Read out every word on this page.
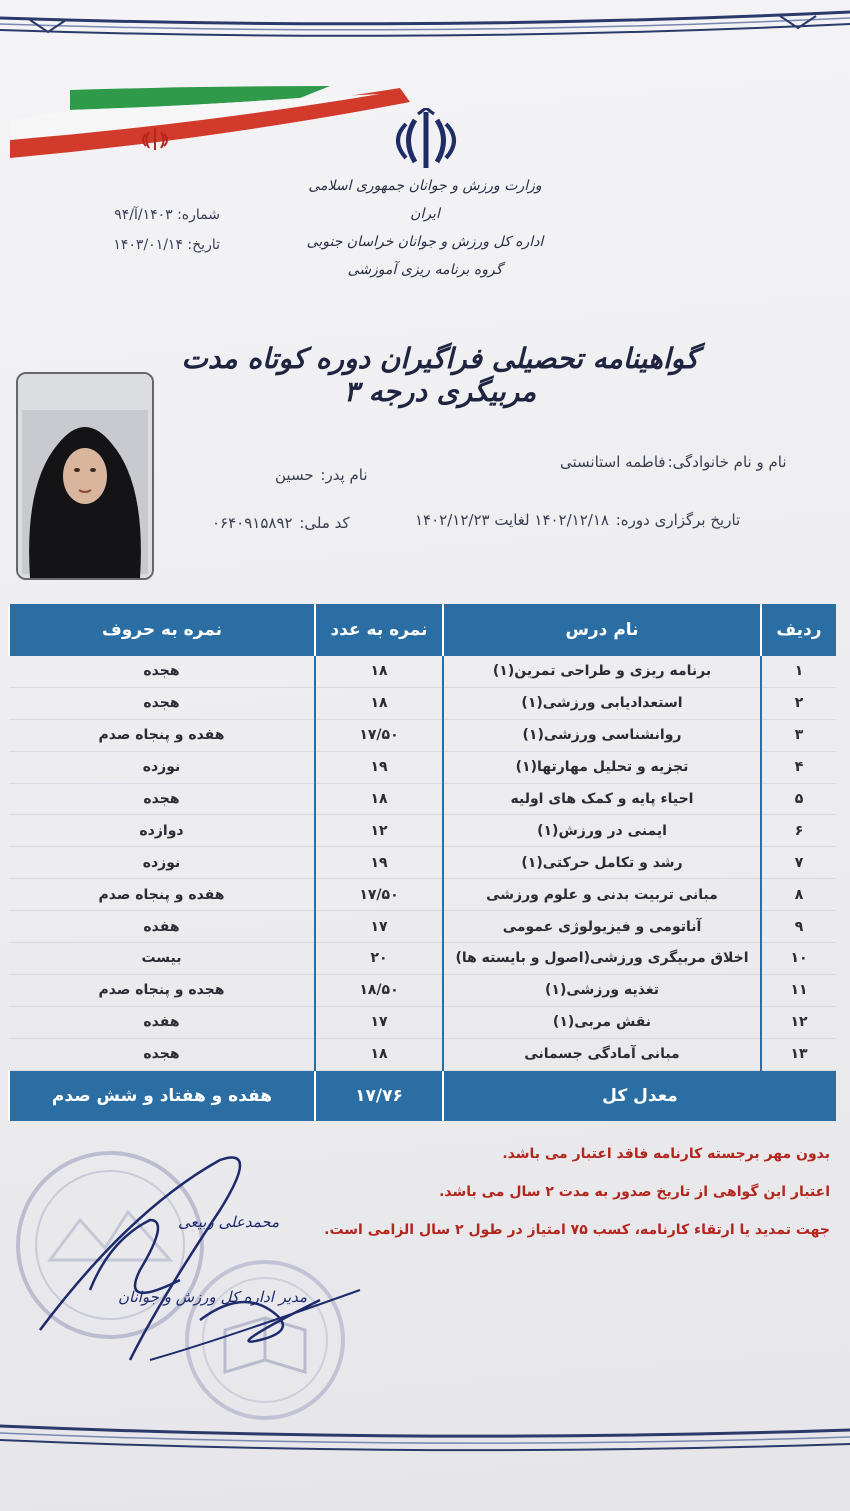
وزارت ورزش و جوانان جمهوری اسلامی ایران
اداره کل ورزش و جوانان خراسان جنوبی
گروه برنامه ریزی آموزشی
شماره: ۱۴۰۳/آ/۹۴
تاریخ: ۱۴۰۳/۰۱/۱۴
گواهینامه تحصیلی فراگیران دوره کوتاه مدت مربیگری درجه ۳
نام و نام خانوادگی:فاطمه استانستی
نام پدر: حسین
تاریخ برگزاری دوره: ۱۴۰۲/۱۲/۱۸ لغایت ۱۴۰۲/۱۲/۲۳
کد ملی: ۰۶۴۰۹۱۵۸۹۲
ردیف	نام درس	نمره به عدد	نمره به حروف
۱	برنامه ریزی و طراحی تمرین(۱)	۱۸	هجده
۲	استعدادیابی ورزشی(۱)	۱۸	هجده
۳	روانشناسی ورزشی(۱)	۱۷/۵۰	هفده و پنجاه صدم
۴	تجزیه و تحلیل مهارتها(۱)	۱۹	نوزده
۵	احیاء پایه و کمک های اولیه	۱۸	هجده
۶	ایمنی در ورزش(۱)	۱۲	دوازده
۷	رشد و تکامل حرکتی(۱)	۱۹	نوزده
۸	مبانی تربیت بدنی و علوم ورزشی	۱۷/۵۰	هفده و پنجاه صدم
۹	آناتومی و فیزیولوژی عمومی	۱۷	هفده
۱۰	اخلاق مربیگری ورزشی(اصول و بایسته ها)	۲۰	بیست
۱۱	تغذیه ورزشی(۱)	۱۸/۵۰	هجده و پنجاه صدم
۱۲	نقش مربی(۱)	۱۷	هفده
۱۳	مبانی آمادگی جسمانی	۱۸	هجده
معدل کل		۱۷/۷۶	هفده و هفتاد و شش صدم
بدون مهر برجسته کارنامه فاقد اعتبار می باشد.
اعتبار این گواهی از تاریخ صدور به مدت ۲ سال می باشد.
جهت تمدید یا ارتقاء کارنامه، کسب ۷۵ امتیاز در طول ۲ سال الزامی است.
محمدعلی ربیعی
مدیر اداره کل ورزش و جوانان
